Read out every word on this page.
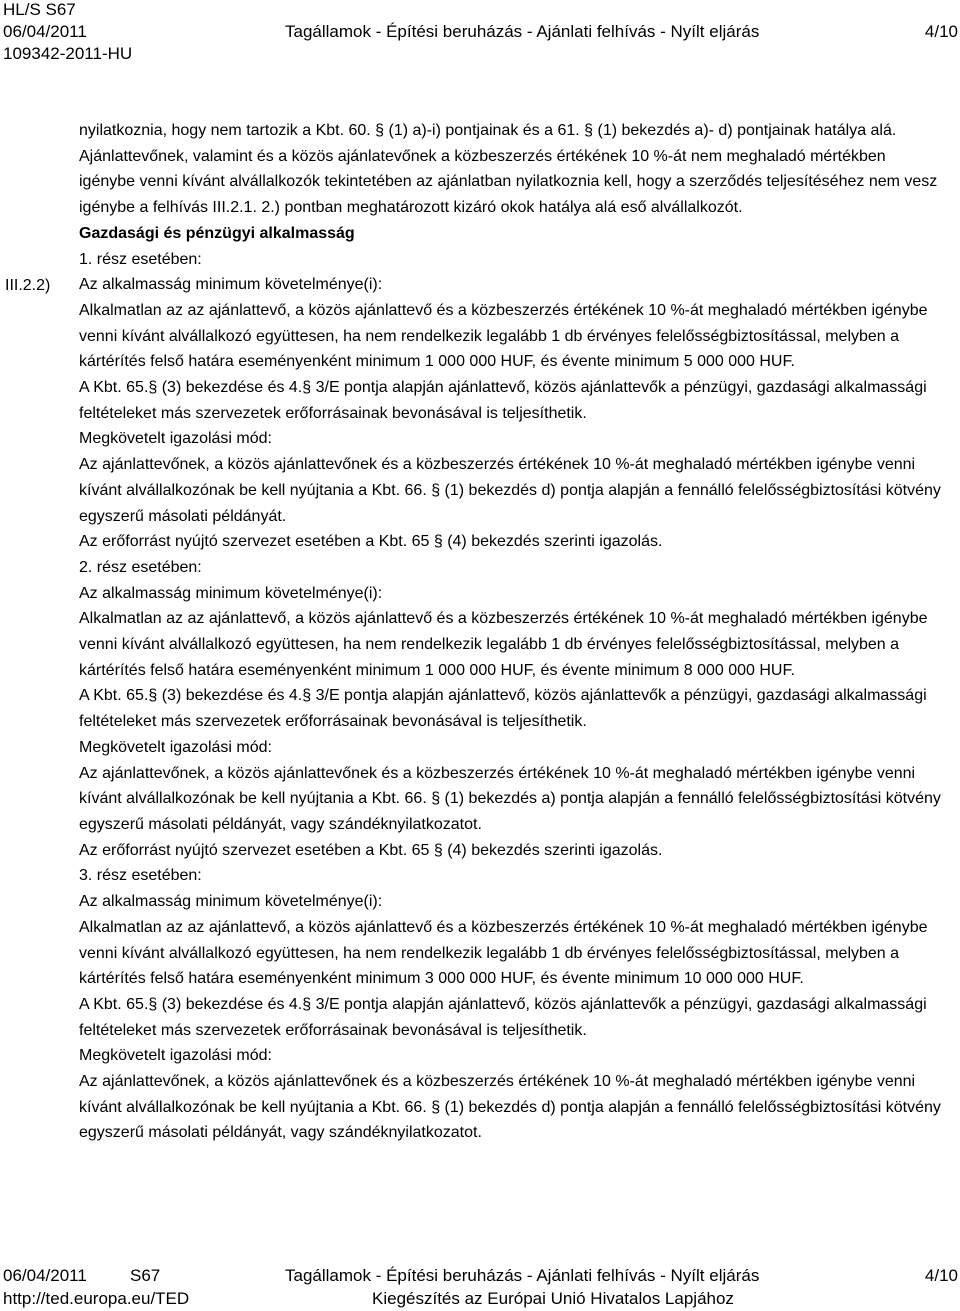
HL/S S67
06/04/2011
109342-2011-HU
Tagállamok - Építési beruházás - Ajánlati felhívás - Nyílt eljárás	4/10
III.2.2)

nyilatkoznia, hogy nem tartozik a Kbt. 60. § (1) a)-i) pontjainak és a 61. § (1) bekezdés a)- d) pontjainak hatálya alá.

Ajánlattevőnek, valamint és a közös ajánlatevőnek a közbeszerzés értékének 10 %-át nem meghaladó mértékben igénybe venni kívánt alvállalkozók tekintetében az ajánlatban nyilatkoznia kell, hogy a szerződés teljesítéséhez nem vesz igénybe a felhívás III.2.1. 2.) pontban meghatározott kizáró okok hatálya alá eső alvállalkozót.

Gazdasági és pénzügyi alkalmasság

1. rész esetében:

Az alkalmasság minimum követelménye(i):

Alkalmatlan az az ajánlattevő, a közös ajánlattevő és a közbeszerzés értékének 10 %-át meghaladó mértékben igénybe venni kívánt alvállalkozó együttesen, ha nem rendelkezik legalább 1 db érvényes felelősségbiztosítással, melyben a kártérítés felső határa eseményenként minimum 1 000 000 HUF, és évente minimum 5 000 000 HUF.

A Kbt. 65.§ (3) bekezdése és 4.§ 3/E pontja alapján ajánlattevő, közös ajánlattevők a pénzügyi, gazdasági alkalmassági feltételeket más szervezetek erőforrásainak bevonásával is teljesíthetik.

Megkövetelt igazolási mód:

Az ajánlattevőnek, a közös ajánlattevőnek és a közbeszerzés értékének 10 %-át meghaladó mértékben igénybe venni kívánt alvállalkozónak be kell nyújtania a Kbt. 66. § (1) bekezdés d) pontja alapján a fennálló felelősségbiztosítási kötvény egyszerű másolati példányát.

Az erőforrást nyújtó szervezet esetében a Kbt. 65 § (4) bekezdés szerinti igazolás.

2. rész esetében:

Az alkalmasság minimum követelménye(i):

Alkalmatlan az az ajánlattevő, a közös ajánlattevő és a közbeszerzés értékének 10 %-át meghaladó mértékben igénybe venni kívánt alvállalkozó együttesen, ha nem rendelkezik legalább 1 db érvényes felelősségbiztosítással, melyben a kártérítés felső határa eseményenként minimum 1 000 000 HUF, és évente minimum 8 000 000 HUF.

A Kbt. 65.§ (3) bekezdése és 4.§ 3/E pontja alapján ajánlattevő, közös ajánlattevők a pénzügyi, gazdasági alkalmassági feltételeket más szervezetek erőforrásainak bevonásával is teljesíthetik.

Megkövetelt igazolási mód:

Az ajánlattevőnek, a közös ajánlattevőnek és a közbeszerzés értékének 10 %-át meghaladó mértékben igénybe venni kívánt alvállalkozónak be kell nyújtania a Kbt. 66. § (1) bekezdés a) pontja alapján a fennálló felelősségbiztosítási kötvény egyszerű másolati példányát, vagy szándéknyilatkozatot.

Az erőforrást nyújtó szervezet esetében a Kbt. 65 § (4) bekezdés szerinti igazolás.

3. rész esetében:

Az alkalmasság minimum követelménye(i):

Alkalmatlan az az ajánlattevő, a közös ajánlattevő és a közbeszerzés értékének 10 %-át meghaladó mértékben igénybe venni kívánt alvállalkozó együttesen, ha nem rendelkezik legalább 1 db érvényes felelősségbiztosítással, melyben a kártérítés felső határa eseményenként minimum 3 000 000 HUF, és évente minimum 10 000 000 HUF.

A Kbt. 65.§ (3) bekezdése és 4.§ 3/E pontja alapján ajánlattevő, közös ajánlattevők a pénzügyi, gazdasági alkalmassági feltételeket más szervezetek erőforrásainak bevonásával is teljesíthetik.

Megkövetelt igazolási mód:

Az ajánlattevőnek, a közös ajánlattevőnek és a közbeszerzés értékének 10 %-át meghaladó mértékben igénybe venni kívánt alvállalkozónak be kell nyújtania a Kbt. 66. § (1) bekezdés d) pontja alapján a fennálló felelősségbiztosítási kötvény egyszerű másolati példányát, vagy szándéknyilatkozatot.

06/04/2011	S67	Tagállamok - Építési beruházás - Ajánlati felhívás - Nyílt eljárás	4/10
http://ted.europa.eu/TED	Kiegészítés az Európai Unió Hivatalos Lapjához
